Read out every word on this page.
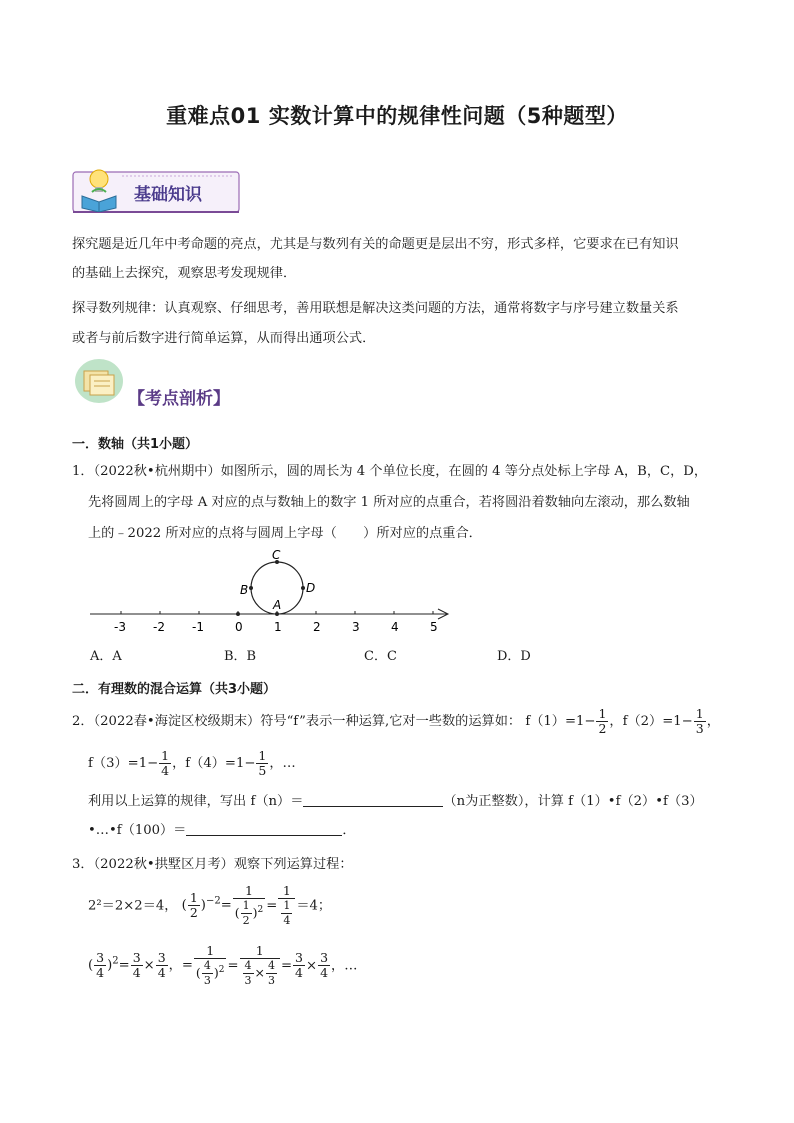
重难点01 实数计算中的规律性问题（5种题型）
基础知识
探究题是近几年中考命题的亮点，尤其是与数列有关的命题更是层出不穷，形式多样，它要求在已有知识
的基础上去探究，观察思考发现规律．
探寻数列规律：认真观察、仔细思考，善用联想是解决这类问题的方法，通常将数字与序号建立数量关系
或者与前后数字进行简单运算，从而得出通项公式．
【考点剖析】
一．数轴（共1小题）
1．（2022秋•杭州期中）如图所示，圆的周长为 4 个单位长度，在圆的 4 等分点处标上字母 A，B，C，D，
先将圆周上的字母 A 对应的点与数轴上的数字 1 所对应的点重合，若将圆沿着数轴向左滚动，那么数轴
上的﹣2022 所对应的点将与圆周上字母（　　）所对应的点重合．
-3 -2 -1	0	1	2	3	4	5
C
B	D
A
A．A	B．B	C．C	D．D
二．有理数的混合运算（共3小题）
2．（2022春•海淀区校级期末）符号“f”表示一种运算,它对一些数的运算如： $f(1)=1- \frac{1}{2}$ ，$f(2)=1- \frac{1}{3}$ ，
$f(3)=1- \frac{1}{4}$ ，$f(4)=1- \frac{1}{5}$ ，…
利用以上运算的规律，写出 f（n）＝	（n为正整数），计算 f（1）•f（2）•f（3）
•…•f（100）＝	．
3．（2022秋•拱墅区月考）观察下列运算过程：
2²＝2×2＝4， ( $\frac{1}{2} )^{-2}= \frac{1}{( \frac{1}{2} )^2} = \frac{1}{\frac{1}{4}} =4$；
( $\frac{3}{4} )^2= \frac{3}{4} \times \frac{3}{4}$ ，= $\frac{1}{( \frac{4}{3} )^2} = \frac{1}{\frac{4}{3} \times \frac{4}{3}} = \frac{3}{4} \times \frac{3}{4}$ ，…
